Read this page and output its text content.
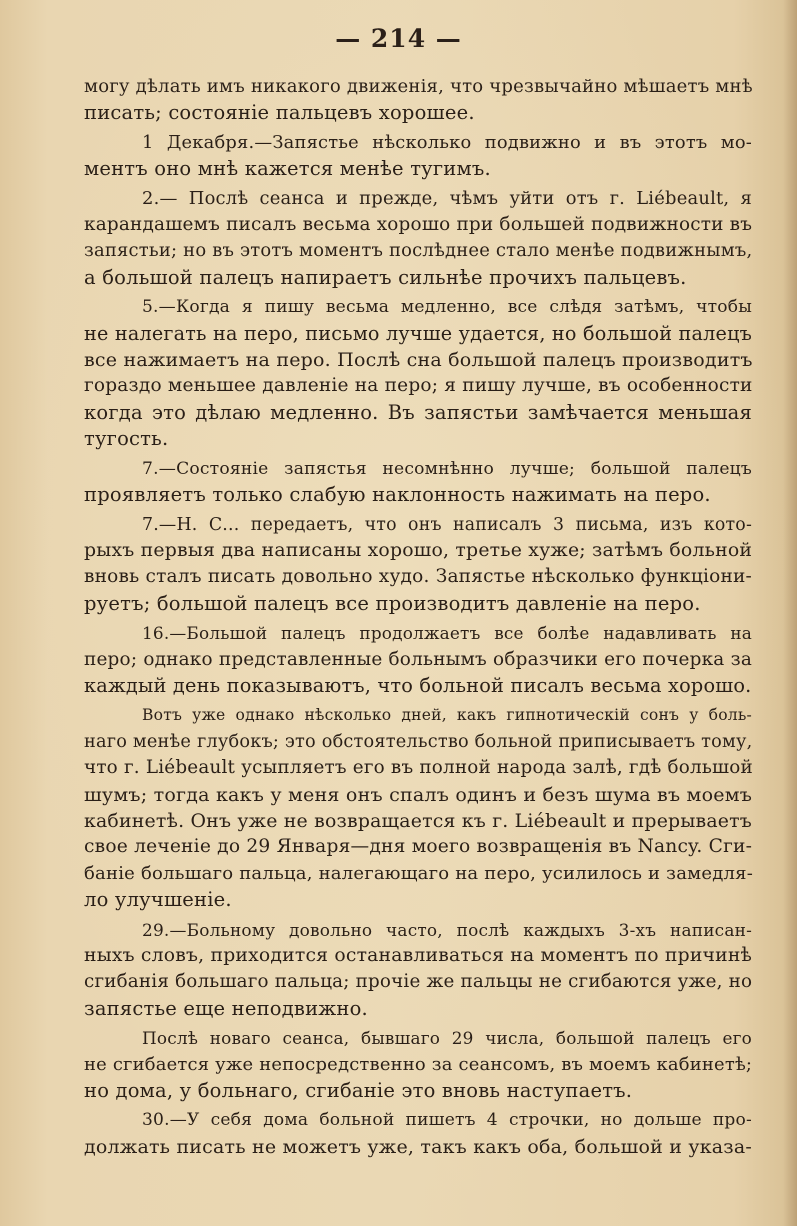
— 214 —
могу дѣлать имъ никакого движенія, что чрезвычайно мѣшаетъ мнѣ
писать; состояніе пальцевъ хорошее.
1 Декабря.—Запястье нѣсколько подвижно и въ этотъ мо-
ментъ оно мнѣ кажется менѣе тугимъ.
2.— Послѣ сеанса и прежде, чѣмъ уйти отъ г. Liébeault, я
карандашемъ писалъ весьма хорошо при большей подвижности въ
запястьи; но въ этотъ моментъ послѣднее стало менѣе подвижнымъ,
а большой палецъ напираетъ сильнѣе прочихъ пальцевъ.
5.—Когда я пишу весьма медленно, все слѣдя затѣмъ, чтобы
не налегать на перо, письмо лучше удается, но большой палецъ
все нажимаетъ на перо. Послѣ сна большой палецъ производитъ
гораздо меньшее давленіе на перо; я пишу лучше, въ особенности
когда это дѣлаю медленно. Въ запястьи замѣчается меньшая
тугость.
7.—Состояніе запястья несомнѣнно лучше; большой палецъ
проявляетъ только слабую наклонность нажимать на перо.
7.—Н. С... передаетъ, что онъ написалъ 3 письма, изъ кото-
рыхъ первыя два написаны хорошо, третье хуже; затѣмъ больной
вновь сталъ писать довольно худо. Запястье нѣсколько функціони-
руетъ; большой палецъ все производитъ давленіе на перо.
16.—Большой палецъ продолжаетъ все болѣе надавливать на
перо; однако представленные больнымъ образчики его почерка за
каждый день показываютъ, что больной писалъ весьма хорошо.
Вотъ уже однако нѣсколько дней, какъ гипнотическій сонъ у боль-
наго менѣе глубокъ; это обстоятельство больной приписываетъ тому,
что г. Liébeault усыпляетъ его въ полной народа залѣ, гдѣ большой
шумъ; тогда какъ у меня онъ спалъ одинъ и безъ шума въ моемъ
кабинетѣ. Онъ уже не возвращается къ г. Liébeault и прерываетъ
свое леченіе до 29 Января—дня моего возвращенія въ Nancy. Сги-
баніе большаго пальца, налегающаго на перо, усилилось и замедля-
ло улучшеніе.
29.—Больному довольно часто, послѣ каждыхъ 3-хъ написан-
ныхъ словъ, приходится останавливаться на моментъ по причинѣ
сгибанія большаго пальца; прочіе же пальцы не сгибаются уже, но
запястье еще неподвижно.
Послѣ новаго сеанса, бывшаго 29 числа, большой палецъ его
не сгибается уже непосредственно за сеансомъ, въ моемъ кабинетѣ;
но дома, у больнаго, сгибаніе это вновь наступаетъ.
30.—У себя дома больной пишетъ 4 строчки, но дольше про-
должать писать не можетъ уже, такъ какъ оба, большой и указа-
